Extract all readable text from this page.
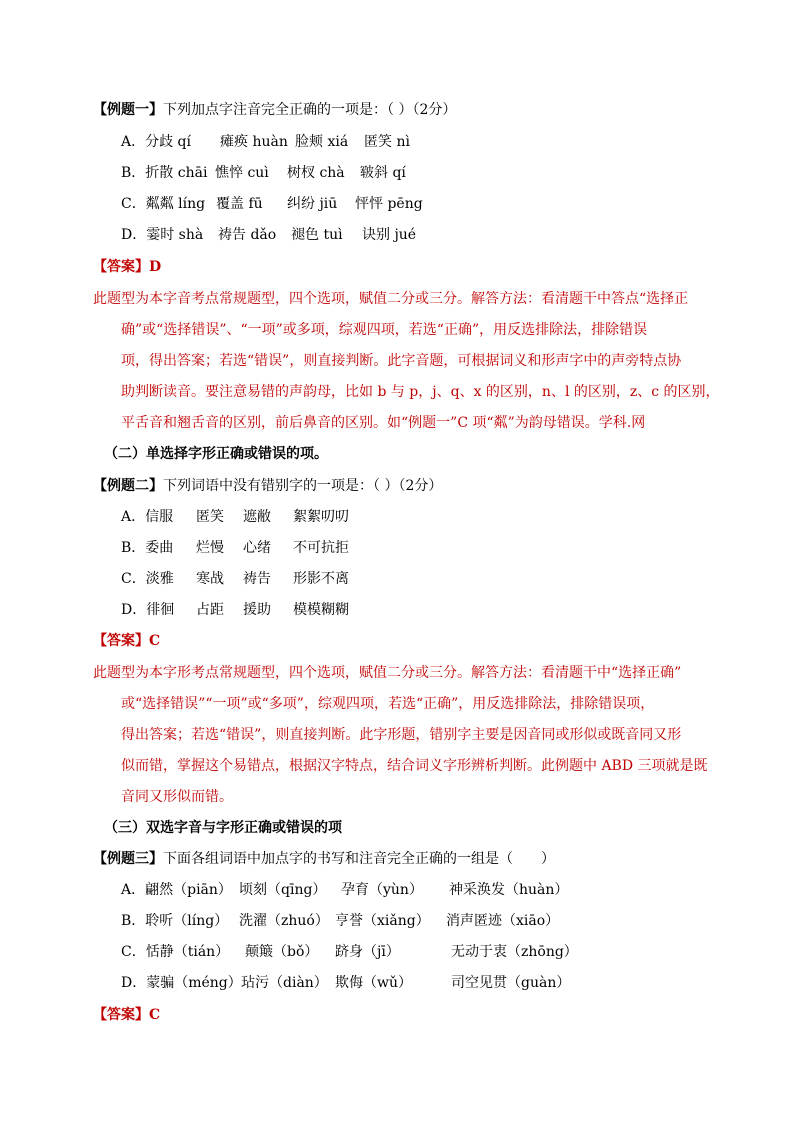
【例题一】下列加点字注音完全正确的一项是：（ ）（2分）
A．分歧 qí 瘫痪 huàn 脸颊 xiá 匿笑 nì
B．折散 chāi 憔悴 cuì 树杈 chà 皲斜 qí
C．粼粼 líng 覆盖 fū 纠纷 jiū 怦怦 pēng
D．霎时 shà 祷告 dǎo 褪色 tuì 诀别 jué
【答案】D
此题型为本字音考点常规题型，四个选项，赋值二分或三分。解答方法：看清题干中答点“选择正
确”或“选择错误”、“一项”或多项，综观四项，若选“正确”，用反选排除法，排除错误
项，得出答案；若选“错误”，则直接判断。此字音题，可根据词义和形声字中的声旁特点协
助判断读音。要注意易错的声韵母，比如 b 与 p，j、q、x 的区别，n、l 的区别，z、c 的区别，
平舌音和翘舌音的区别，前后鼻音的区别。如“例题一”C 项“粼”为韵母错误。学科.网
（二）单选择字形正确或错误的项。
【例题二】下列词语中没有错别字的一项是：（ ）（2分）
A．信服 匿笑 遮敝 絮絮叨叨
B．委曲 烂慢 心绪 不可抗拒
C．淡雅 寒战 祷告 形影不离
D．徘徊 占距 援助 模模糊糊
【答案】C
此题型为本字形考点常规题型，四个选项，赋值二分或三分。解答方法：看清题干中“选择正确”
或“选择错误”“一项”或“多项”，综观四项，若选“正确”，用反选排除法，排除错误项，
得出答案；若选“错误”，则直接判断。此字形题，错别字主要是因音同或形似或既音同又形
似而错，掌握这个易错点，根据汉字特点，结合词义字形辨析判断。此例题中 ABD 三项就是既
音同又形似而错。
（三）双选字音与字形正确或错误的项
【例题三】下面各组词语中加点字的书写和注音完全正确的一组是（　　）
A．翩然（piān） 顷刻（qīng） 孕育（yùn） 神采涣发（huàn）
B．聆听（líng） 洗濯（zhuó） 亨誉（xiǎng） 消声匿迹（xiāo）
C．恬静（tián） 颠簸（bǒ） 跻身（jī）	无动于衷（zhōng）
D．蒙骗（méng） 玷污（diàn） 欺侮（wǔ）	司空见贯（guàn）
【答案】C
